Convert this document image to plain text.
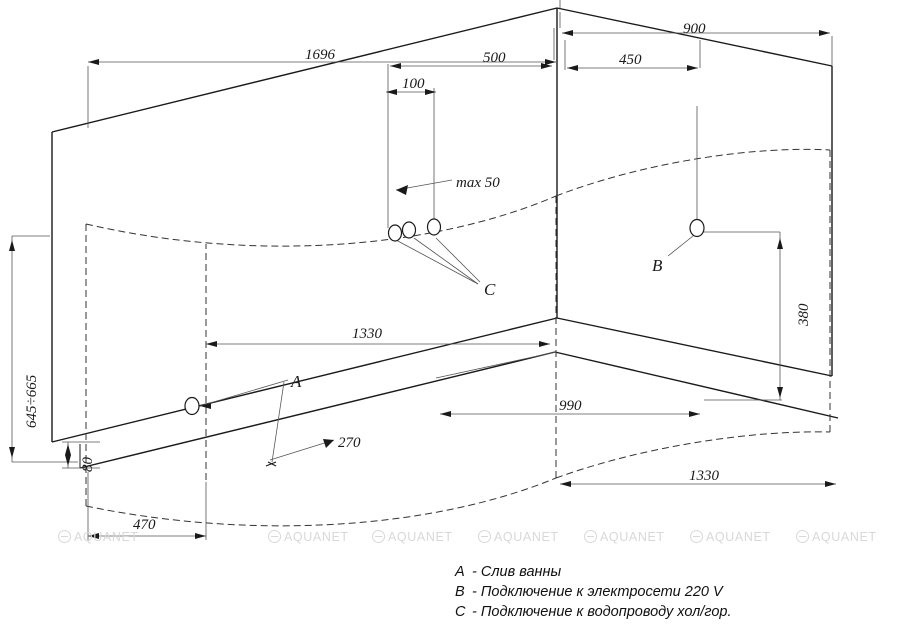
1696
900
500	450
100
max 50
1330
990
1330
270
470
380
645÷665
80
A
B
C
A - Слив ванны
B - Подключение к электросети 220 V
C - Подключение к водопроводу хол/гор.
AQUANET	AQUANET	AQUANET	AQUANET	AQUANET	AQUANET	AQUANET
